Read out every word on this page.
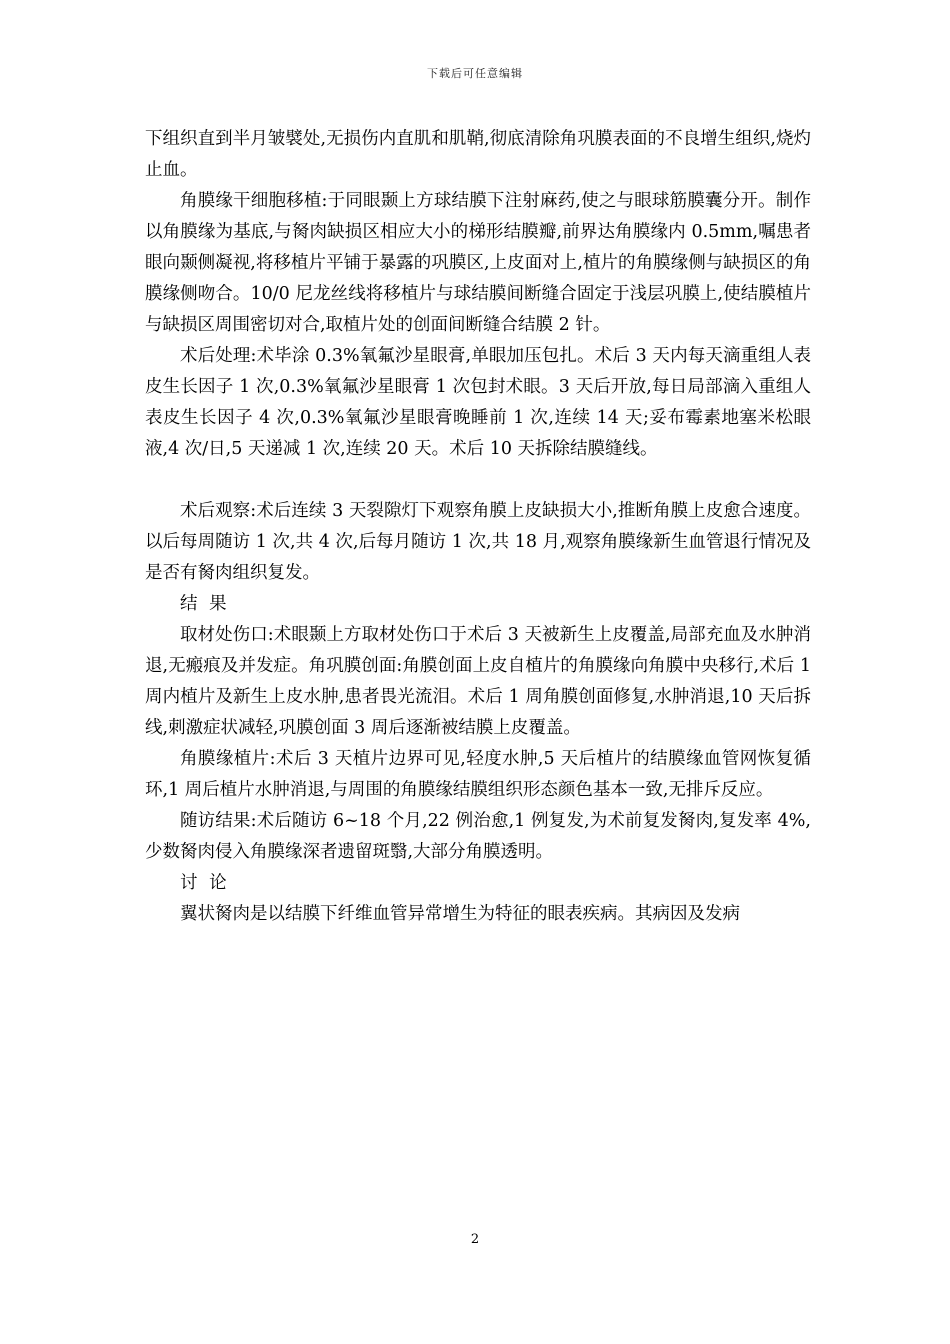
下载后可任意编辑

下组织直到半月皱襞处,无损伤内直肌和肌鞘,彻底清除角巩膜表面的不良增生组织,烧灼止血。

角膜缘干细胞移植:于同眼颞上方球结膜下注射麻药,使之与眼球筋膜囊分开。制作以角膜缘为基底,与胬肉缺损区相应大小的梯形结膜瓣,前界达角膜缘内 0.5mm,嘱患者眼向颞侧凝视,将移植片平铺于暴露的巩膜区,上皮面对上,植片的角膜缘侧与缺损区的角膜缘侧吻合。10/0 尼龙丝线将移植片与球结膜间断缝合固定于浅层巩膜上,使结膜植片与缺损区周围密切对合,取植片处的创面间断缝合结膜 2 针。

术后处理:术毕涂 0.3%氧氟沙星眼膏,单眼加压包扎。术后 3 天内每天滴重组人表皮生长因子 1 次,0.3%氧氟沙星眼膏 1 次包封术眼。3 天后开放,每日局部滴入重组人表皮生长因子 4 次,0.3%氧氟沙星眼膏晚睡前 1 次,连续 14 天;妥布霉素地塞米松眼液,4 次/日,5 天递减 1 次,连续 20 天。术后 10 天拆除结膜缝线。

术后观察:术后连续 3 天裂隙灯下观察角膜上皮缺损大小,推断角膜上皮愈合速度。以后每周随访 1 次,共 4 次,后每月随访 1 次,共 18 月,观察角膜缘新生血管退行情况及是否有胬肉组织复发。

结 果

取材处伤口:术眼颞上方取材处伤口于术后 3 天被新生上皮覆盖,局部充血及水肿消退,无瘢痕及并发症。角巩膜创面:角膜创面上皮自植片的角膜缘向角膜中央移行,术后 1 周内植片及新生上皮水肿,患者畏光流泪。术后 1 周角膜创面修复,水肿消退,10 天后拆线,刺激症状减轻,巩膜创面 3 周后逐渐被结膜上皮覆盖。

角膜缘植片:术后 3 天植片边界可见,轻度水肿,5 天后植片的结膜缘血管网恢复循环,1 周后植片水肿消退,与周围的角膜缘结膜组织形态颜色基本一致,无排斥反应。

随访结果:术后随访 6~18 个月,22 例治愈,1 例复发,为术前复发胬肉,复发率 4%,少数胬肉侵入角膜缘深者遗留斑翳,大部分角膜透明。

讨 论

翼状胬肉是以结膜下纤维血管异常增生为特征的眼表疾病。其病因及发病

2
